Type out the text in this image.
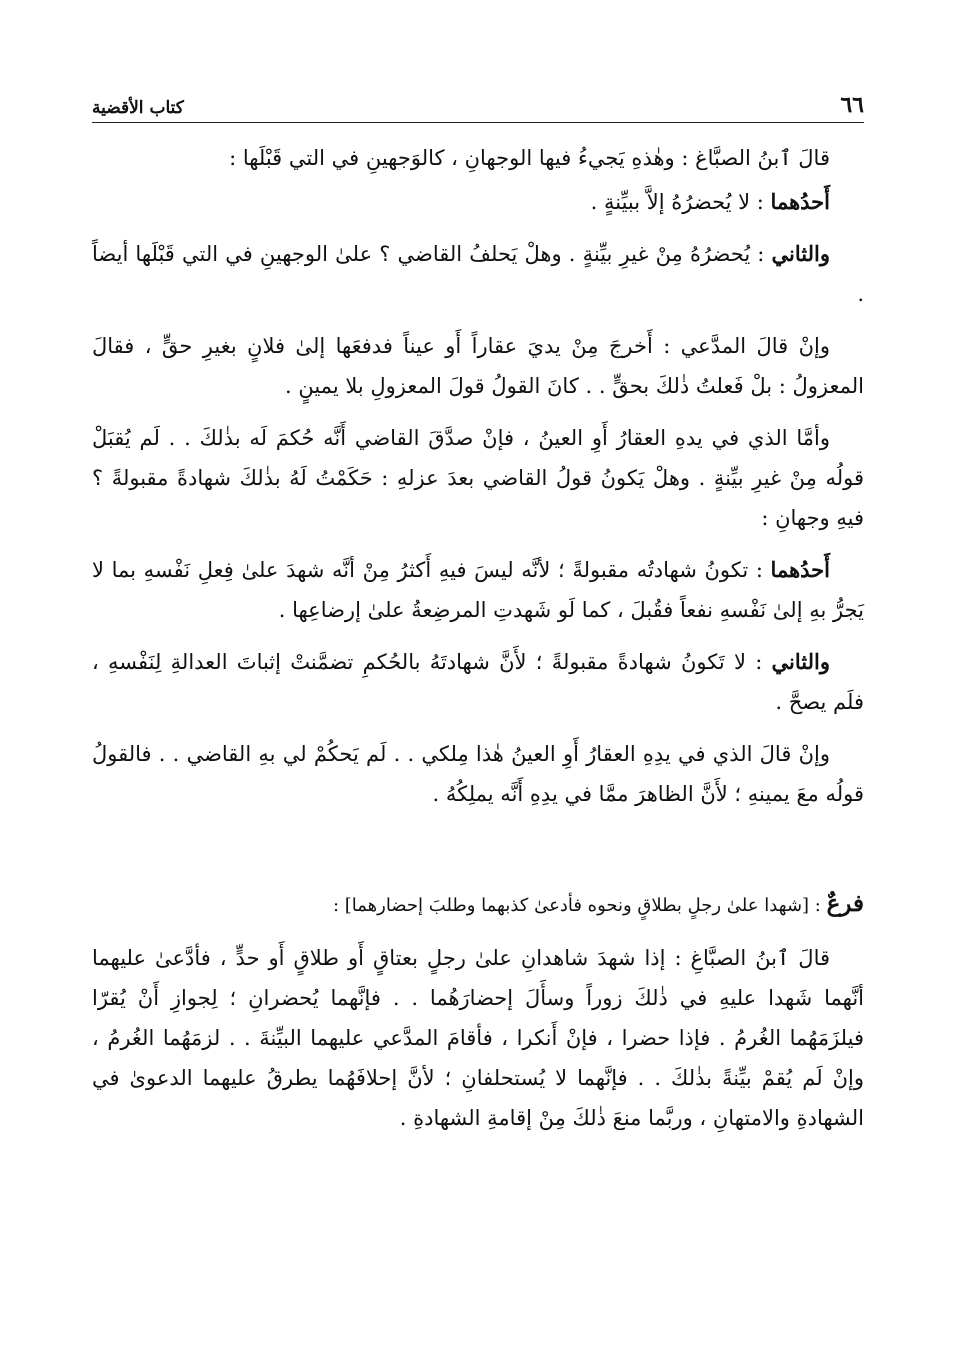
٦٦
كتاب الأقضية

قالَ ٱبنُ الصبَّاغ : وهٰذهِ يَجيءُ فيها الوجهانِ ، كالوَجهينِ في التي قَبْلَها :

أَحدُهما : لا يُحضرُهُ إلاَّ ببيِّنةٍ .

والثاني : يُحضرُهُ مِنْ غيرِ بيِّنةٍ . وهلْ يَحلفُ القاضي ؟ علىٰ الوجهينِ في التي قَبْلَها أيضاً .

وإنْ قالَ المدَّعي : أَخرجَ مِنْ يديَ عقاراً أَو عيناً فدفعَها إلىٰ فلانٍ بغيرِ حقٍّ ، فقالَ المعزولُ : بلْ فَعلتُ ذٰلكَ بحقٍّ . . كانَ القولُ قولَ المعزولِ بلا يمينٍ .

وأمَّا الذي في يدهِ العقارُ أَوِ العينُ ، فإنْ صدَّقَ القاضي أَنَّه حُكمَ لَه بذٰلكَ . . لَم يُقبَلْ قولُه مِنْ غيرِ بيِّنةٍ . وهلْ يَكونُ قولُ القاضي بعدَ عزلهِ : حَكَمْتُ لَهُ بذٰلكَ شهادةً مقبولةً ؟ فيهِ وجهانِ :

أَحدُهما : تكونُ شهادتُه مقبولةً ؛ لأنَّه ليسَ فيهِ أَكثرُ مِنْ أنَّه شهدَ علىٰ فِعلِ نَفْسهِ بما لا يَجرُّ بهِ إلىٰ نَفْسهِ نفعاً فقُبلَ ، كما لَو شَهدتِ المرضِعةُ علىٰ إرضاعِها .

والثاني : لا تَكونُ شهادةً مقبولةً ؛ لأَنَّ شهادتَهُ بالحُكمِ تضمَّنتْ إثباتَ العدالةِ لِنَفْسهِ ، فلَم يصحَّ .

وإنْ قالَ الذي في يدِهِ العقارُ أَوِ العينُ هٰذا مِلكي . . لَم يَحكُمْ لي بهِ القاضي . . فالقولُ قولُه معَ يمينهِ ؛ لأَنَّ الظاهرَ ممَّا في يدِهِ أَنَّه يملِكُهُ .

فرعٌ : [شهدا علىٰ رجلٍ بطلاقٍ ونحوه فأدعىٰ كذبهما وطلبَ إحضارهما] :

قالَ ٱبنُ الصبَّاغِ : إذا شهدَ شاهدانِ علىٰ رجلٍ بعتاقٍ أَو طلاقٍ أَو حدٍّ ، فأدَّعىٰ عليهما أنَّهما شَهدا عليهِ في ذٰلكَ زوراً وسأَلَ إحضارَهُما . . فإنَّهما يُحضرانِ ؛ لِجوازِ أَنْ يُقرّا فيلزَمَهُما الغُرمُ . فإذا حضرا ، فإنْ أَنكرا ، فأقامَ المدَّعي عليهما البيِّنةَ . . لزمَهُما الغُرمُ ، وإنْ لَم يُقمْ بيِّنةً بذٰلكَ . . فإنَّهما لا يُستحلفانِ ؛ لأنَّ إحلافَهُما يطرقُ عليهما الدعوىٰ في الشهادةِ والامتهانِ ، وربَّما منعَ ذٰلكَ مِنْ إقامةِ الشهادةِ .
